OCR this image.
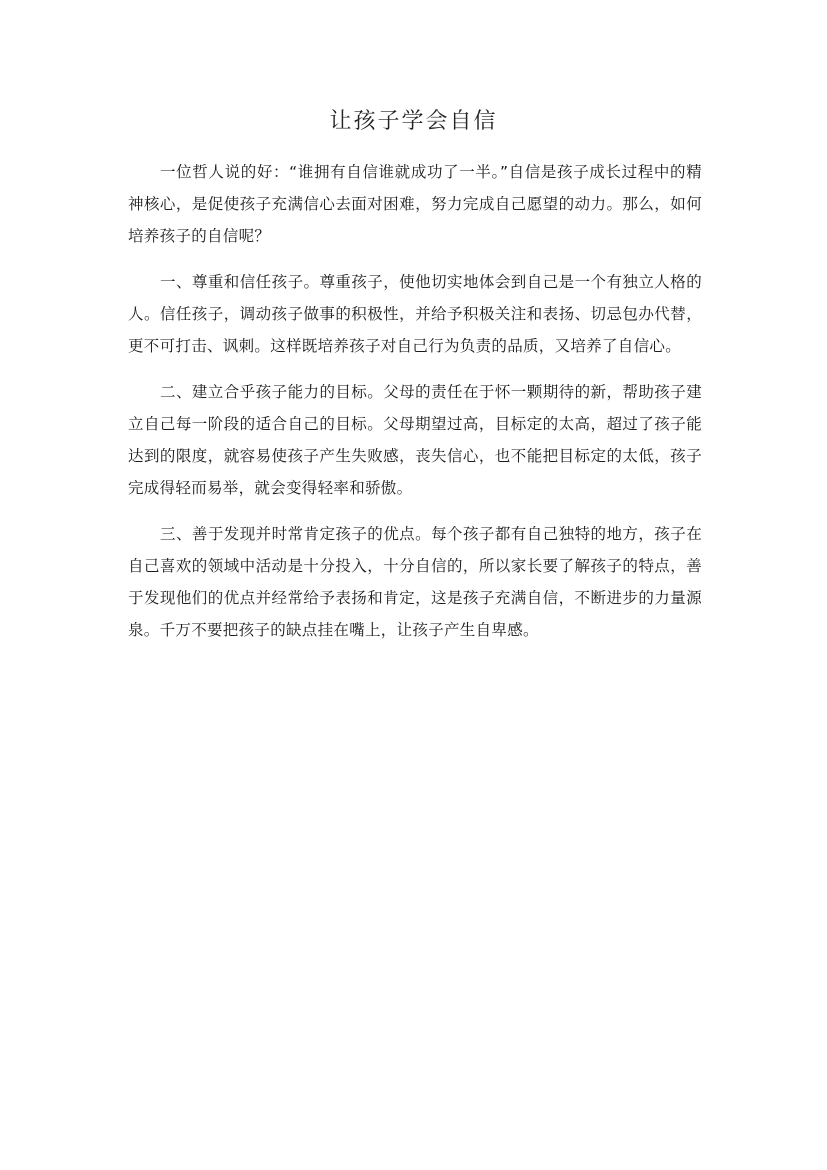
让孩子学会自信

一位哲人说的好：“谁拥有自信谁就成功了一半。”自信是孩子成长过程中的精神核心，是促使孩子充满信心去面对困难，努力完成自己愿望的动力。那么，如何培养孩子的自信呢？

一、尊重和信任孩子。尊重孩子，使他切实地体会到自己是一个有独立人格的人。信任孩子，调动孩子做事的积极性，并给予积极关注和表扬、切忌包办代替，更不可打击、讽刺。这样既培养孩子对自己行为负责的品质，又培养了自信心。

二、建立合乎孩子能力的目标。父母的责任在于怀一颗期待的新，帮助孩子建立自己每一阶段的适合自己的目标。父母期望过高，目标定的太高，超过了孩子能达到的限度，就容易使孩子产生失败感，丧失信心，也不能把目标定的太低，孩子完成得轻而易举，就会变得轻率和骄傲。

三、善于发现并时常肯定孩子的优点。每个孩子都有自己独特的地方，孩子在自己喜欢的领域中活动是十分投入，十分自信的，所以家长要了解孩子的特点，善于发现他们的优点并经常给予表扬和肯定，这是孩子充满自信，不断进步的力量源泉。千万不要把孩子的缺点挂在嘴上，让孩子产生自卑感。
